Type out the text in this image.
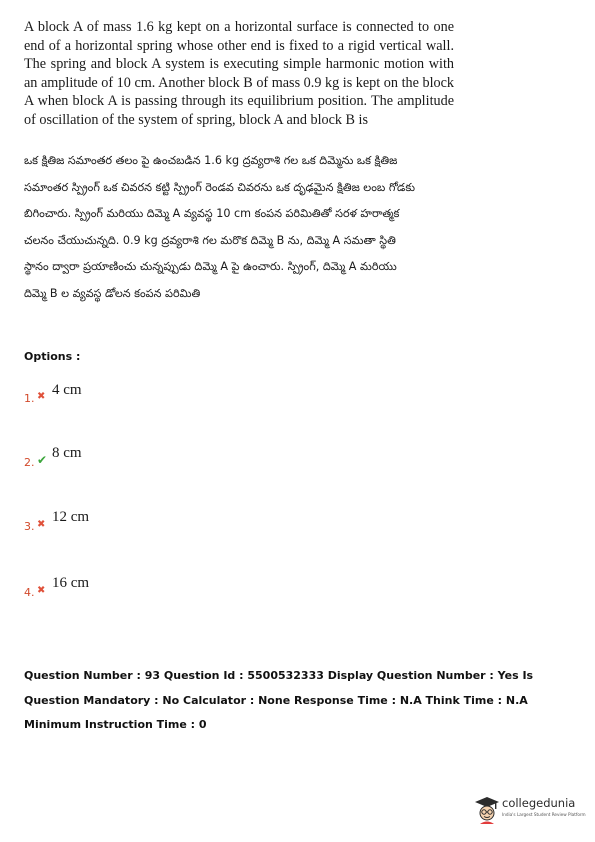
A block A of mass 1.6 kg kept on a horizontal surface is connected to one end of a horizontal spring whose other end is fixed to a rigid vertical wall. The spring and block A system is executing simple harmonic motion with an amplitude of 10 cm. Another block B of mass 0.9 kg is kept on the block A when block A is passing through its equilibrium position. The amplitude of oscillation of the system of spring, block A and block B is
ఒక క్షితిజ సమాంతర తలం పై ఉంచబడిన 1.6 kg ద్రవ్యరాశి గల ఒక దిమ్మెను ఒక క్షితిజ
సమాంతర స్ప్రింగ్ ఒక చివరన కట్టి స్ప్రింగ్ రెండవ చివరను ఒక దృఢమైన క్షితిజ లంబ గోడకు
బిగించారు. స్ప్రింగ్ మరియు దిమ్మె A వ్యవస్థ 10 cm కంపన పరిమితితో సరళ హరాత్మక
చలనం చేయుచున్నది. 0.9 kg ద్రవ్యరాశి గల మరొక దిమ్మె B ను, దిమ్మె A సమతా స్థితి
స్థానం ద్వారా ప్రయాణించు చున్నప్పుడు దిమ్మె A పై ఉంచారు. స్ప్రింగ్, దిమ్మె A మరియు
దిమ్మె B ల వ్యవస్థ డోలన కంపన పరిమితి
Options :
1. ✖ 4 cm
2. ✔ 8 cm
3. ✖ 12 cm
4. ✖ 16 cm
Question Number : 93 Question Id : 5500532333 Display Question Number : Yes Is Question Mandatory : No Calculator : None Response Time : N.A Think Time : N.A Minimum Instruction Time : 0
collegedunia
India's Largest Student Review Platform
